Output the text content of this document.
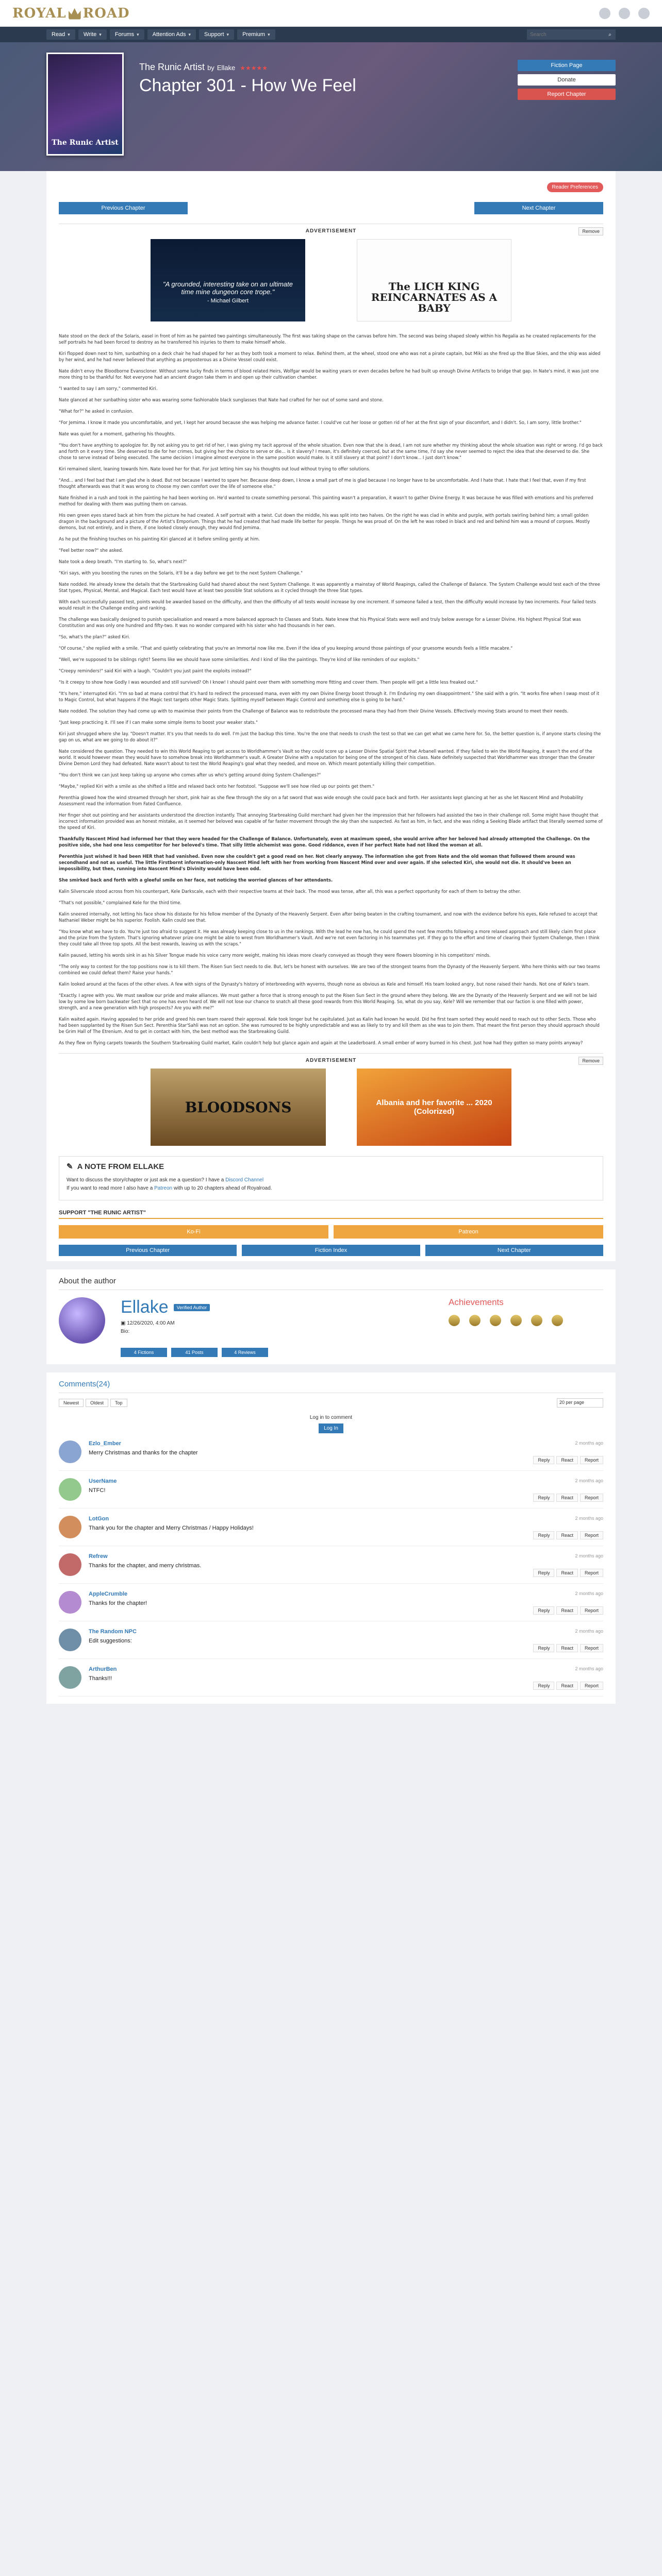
ROYAL ROAD
Read ▾ Write ▾ Forums ▾ Attention Ads ▾ Support ▾ Premium ▾
Search	⌕
The Runic Artist
The Runic Artist by Ellake ★★★★★
Chapter 301 - How We Feel
Fiction Page
Donate
Report Chapter
Reader Preferences
Previous Chapter	Next Chapter
ADVERTISEMENT	Remove
"A grounded, interesting take on an ultimate time mine dungeon core trope."
- Michael Gilbert
The LICH KING REINCARNATES AS A BABY

Nate stood on the deck of the Solaris, easel in front of him as he painted two paintings simultaneously. The first was taking shape on the canvas before him. The second was being shaped slowly within his Regalia as he created replacements for the self portraits he had been forced to destroy as he transferred his injuries to them to make himself whole.

Kiri flopped down next to him, sunbathing on a deck chair he had shaped for her as they both took a moment to relax. Behind them, at the wheel, stood one who was not a pirate captain, but Miki as she fired up the Blue Skies, and the ship was aided by her wind, and he had never believed that anything as preposterous as a Divine Vessel could exist.

Nate didn't envy the Bloodborne Evanscloner. Without some lucky finds in terms of blood related Heirs, Wolfgar would be waiting years or even decades before he had built up enough Divine Artifacts to bridge that gap. In Nate's mind, it was just one more thing to be thankful for. Not everyone had an ancient dragon take them in and open up their cultivation chamber.

"I wanted to say I am sorry," commented Kiri.

Nate glanced at her sunbathing sister who was wearing some fashionable black sunglasses that Nate had crafted for her out of some sand and stone.

"What for?" he asked in confusion.

"For Jemima. I know it made you uncomfortable, and yet, I kept her around because she was helping me advance faster. I could've cut her loose or gotten rid of her at the first sign of your discomfort, and I didn't. So, I am sorry, little brother."

Nate was quiet for a moment, gathering his thoughts.

"You don't have anything to apologize for. By not asking you to get rid of her, I was giving my tacit approval of the whole situation. Even now that she is dead, I am not sure whether my thinking about the whole situation was right or wrong. I'd go back and forth on it every time. She deserved to die for her crimes, but giving her the choice to serve or die... is it slavery? I mean, it's definitely coerced, but at the same time, I'd say she never seemed to reject the idea that she deserved to die. She chose to serve instead of being executed. The same decision I imagine almost everyone in the same position would make. Is it still slavery at that point? I don't know... I just don't know."

Kiri remained silent, leaning towards him. Nate loved her for that. For just letting him say his thoughts out loud without trying to offer solutions.

"And... and I feel bad that I am glad she is dead. But not because I wanted to spare her. Because deep down, I know a small part of me is glad because I no longer have to be uncomfortable. And I hate that. I hate that I feel that, even if my first thought afterwards was that it was wrong to choose my own comfort over the life of someone else."

Nate finished in a rush and took in the painting he had been working on. He'd wanted to create something personal. This painting wasn't a preparation, it wasn't to gather Divine Energy. It was because he was filled with emotions and his preferred method for dealing with them was putting them on canvas.

His own green eyes stared back at him from the picture he had created. A self portrait with a twist. Cut down the middle, his was split into two halves. On the right he was clad in white and purple, with portals swirling behind him; a small golden dragon in the background and a picture of the Artist's Emporium. Things that he had created that had made life better for people. Things he was proud of. On the left he was robed in black and red and behind him was a mound of corpses. Mostly demons, but not entirely, and in there, if one looked closely enough, they would find Jemima.

As he put the finishing touches on his painting Kiri glanced at it before smiling gently at him.

"Feel better now?" she asked.

Nate took a deep breath. "I'm starting to. So, what's next?"

"Kiri says, with you boosting the runes on the Solaris, it'll be a day before we get to the next System Challenge."

Nate nodded. He already knew the details that the Starbreaking Guild had shared about the next System Challenge. It was apparently a mainstay of World Reapings, called the Challenge of Balance. The System Challenge would test each of the three Stat types, Physical, Mental, and Magical. Each test would have at least two possible Stat solutions as it cycled through the three Stat types.

With each successfully passed test, points would be awarded based on the difficulty, and then the difficulty of all tests would increase by one increment. If someone failed a test, then the difficulty would increase by two increments. Four failed tests would result in the Challenge ending and ranking.

The challenge was basically designed to punish specialisation and reward a more balanced approach to Classes and Stats. Nate knew that his Physical Stats were well and truly below average for a Lesser Divine. His highest Physical Stat was Constitution and was only one hundred and fifty-two. It was no wonder compared with his sister who had thousands in her own.

"So, what's the plan?" asked Kiri.

"Of course," she replied with a smile. "That and quietly celebrating that you're an Immortal now like me. Even if the idea of you keeping around those paintings of your gruesome wounds feels a little macabre."

"Well, we're supposed to be siblings right? Seems like we should have some similarities. And I kind of like the paintings. They're kind of like reminders of our exploits."

"Creepy reminders!" said Kiri with a laugh. "Couldn't you just paint the exploits instead?"

"Is it creepy to show how Godly I was wounded and still survived? Oh I know! I should paint over them with something more fitting and cover them. Then people will get a little less freaked out."

"It's here," interrupted Kiri. "I'm so bad at mana control that it's hard to redirect the processed mana, even with my own Divine Energy boost through it. I'm Enduring my own disappointment." She said with a grin. "It works fine when I swap most of it to Magic Control, but what happens if the Magic test targets other Magic Stats. Splitting myself between Magic Control and something else is going to be hard."

Nate nodded. The solution they had come up with to maximise their points from the Challenge of Balance was to redistribute the processed mana they had from their Divine Vessels. Effectively moving Stats around to meet their needs.

"Just keep practicing it. I'll see if I can make some simple items to boost your weaker stats."

Kiri just shrugged where she lay. "Doesn't matter. It's you that needs to do well. I'm just the backup this time. You're the one that needs to crush the test so that we can get what we came here for. So, the better question is, if anyone starts closing the gap on us, what are we going to do about it?"

Nate considered the question. They needed to win this World Reaping to get access to Worldhammer's Vault so they could score up a Lesser Divine Spatial Spirit that Arbanell wanted. If they failed to win the World Reaping, it wasn't the end of the world. It would however mean they would have to somehow break into Worldhammer's vault. A Greater Divine with a reputation for being one of the strongest of his class. Nate definitely suspected that Worldhammer was stronger than the Greater Divine Demon Lord they had defeated. Nate wasn't about to test the World Reaping's goal what they needed, and move on. Which meant potentially killing their competition.

"You don't think we can just keep taking up anyone who comes after us who's getting around doing System Challenges?"

"Maybe," replied Kiri with a smile as she shifted a little and relaxed back onto her footstool. "Suppose we'll see how riled up our points get them."

Perenthia glowed how the wind streamed through her short, pink hair as she flew through the sky on a fat sword that was wide enough she could pace back and forth. Her assistants kept glancing at her as she let Nascent Mind and Probability Assessment read the information from Fated Confluence.

Her finger shot out pointing and her assistants understood the direction instantly. That annoying Starbreaking Guild merchant had given her the impression that her followers had assisted the two in their challenge roll. Some might have thought that incorrect information provided was an honest mistake, as it seemed her beloved was capable of far faster movement through the sky than she suspected. As fast as him, in fact, and she was riding a Seeking Blade artifact that literally seemed some of the speed of Kiri.

Thankfully Nascent Mind had informed her that they were headed for the Challenge of Balance. Unfortunately, even at maximum speed, she would arrive after her beloved had already attempted the Challenge. On the positive side, she had one less competitor for her beloved's time. That silly little alchemist was gone. Good riddance, even if her perfect Nate had not liked the woman at all.

Perenthia just wished it had been HER that had vanished. Even now she couldn't get a good read on her. Not clearly anyway. The information she got from Nate and the old woman that followed them around was secondhand and not as useful. The little Firstbornt information-only Nascent Mind left with her from working from Nascent Mind over and over again. If she selected Kiri, she would not die. It should've been an impossibility, but then, running into Nascent Mind's Divinity would have been odd.

She smirked back and forth with a gleeful smile on her face, not noticing the worried glances of her attendants.

Kalin Silverscale stood across from his counterpart, Kele Darkscale, each with their respective teams at their back. The mood was tense, after all, this was a perfect opportunity for each of them to betray the other.

"That's not possible," complained Kele for the third time.

Kalin sneered internally, not letting his face show his distaste for his fellow member of the Dynasty of the Heavenly Serpent. Even after being beaten in the crafting tournament, and now with the evidence before his eyes, Kele refused to accept that Nathaniel Weber might be his superior. Foolish. Kalin could see that.

"You know what we have to do. You're just too afraid to suggest it. He was already keeping close to us in the rankings. With the lead he now has, he could spend the next few months following a more relaxed approach and still likely claim first place and the prize from the System. That's ignoring whatever prize one might be able to wrest from Worldhammer's Vault. And we're not even factoring in his teammates yet. If they go to the effort and time of clearing their System Challenge, then I think they could take all three top spots. All the best rewards, leaving us with the scraps."

Kalin paused, letting his words sink in as his Silver Tongue made his voice carry more weight, making his ideas more clearly conveyed as though they were flowers blooming in his competitors' minds.

"The only way to contest for the top positions now is to kill them. The Risen Sun Sect needs to die. But, let's be honest with ourselves. We are two of the strongest teams from the Dynasty of the Heavenly Serpent. Who here thinks with our two teams combined we could defeat them? Raise your hands."

Kalin looked around at the faces of the other elves. A few with signs of the Dynasty's history of interbreeding with wyverns, though none as obvious as Kele and himself. His team looked angry, but none raised their hands. Not one of Kele's team.

"Exactly. I agree with you. We must swallow our pride and make alliances. We must gather a force that is strong enough to put the Risen Sun Sect in the ground where they belong. We are the Dynasty of the Heavenly Serpent and we will not be laid low by some low born backwater Sect that no one has even heard of. We will not lose our chance to snatch all these good rewards from this World Reaping. So, what do you say, Kele? Will we remember that our faction is one filled with power, strength, and a new generation with high prospects? Are you with me?"

Kalin waited again. Having appealed to her pride and greed his own team roared their approval. Kele took longer but he capitulated. Just as Kalin had known he would. Did he first team sorted they would need to reach out to other Sects. Those who had been supplanted by the Risen Sun Sect. Perenthia Star'Sahli was not an option. She was rumoured to be highly unpredictable and was as likely to try and kill them as she was to join them. That meant the first person they should approach should be Grim Hall of The Etrenium. And to get in contact with him, the best method was the Starbreaking Guild.

As they flew on flying carpets towards the Southern Starbreaking Guild market, Kalin couldn't help but glance again and again at the Leaderboard. A small ember of worry burned in his chest. Just how had they gotten so many points anyway?

ADVERTISEMENT	Remove
BLOODSONS	Albania and her favorite ... 2020 (Colorized)
✎ A NOTE FROM ELLAKE
Want to discuss the story/chapter or just ask me a question? I have a Discord Channel
If you want to read more I also have a Patreon with up to 20 chapters ahead of Royalroad.
SUPPORT "THE RUNIC ARTIST"
Ko-Fi	Patreon
Previous Chapter	Fiction Index	Next Chapter
About the author
Ellake	Verified Author
▣ 12/26/2020, 4:00 AM
Bio:
Achievements
4 Fictions	41 Posts	4 Reviews
Comments(24)
Newest	Oldest	Top	20 per page
Log in to comment
Log In
Ezlo_Ember
Merry Christmas and thanks for the chapter
2 months ago
Reply	React	Report
UserName
NTFC!
2 months ago
Reply	React	Report
LotGon
Thank you for the chapter and Merry Christmas / Happy Holidays!
2 months ago
Reply	React	Report
Refrew
Thanks for the chapter, and merry christmas.
2 months ago
Reply	React	Report
AppleCrumble
Thanks for the chapter!
2 months ago
Reply	React	Report
The Random NPC
Edit suggestions:
2 months ago
Reply	React	Report
ArthurBen
Thanks!!!
2 months ago
Reply	React	Report
